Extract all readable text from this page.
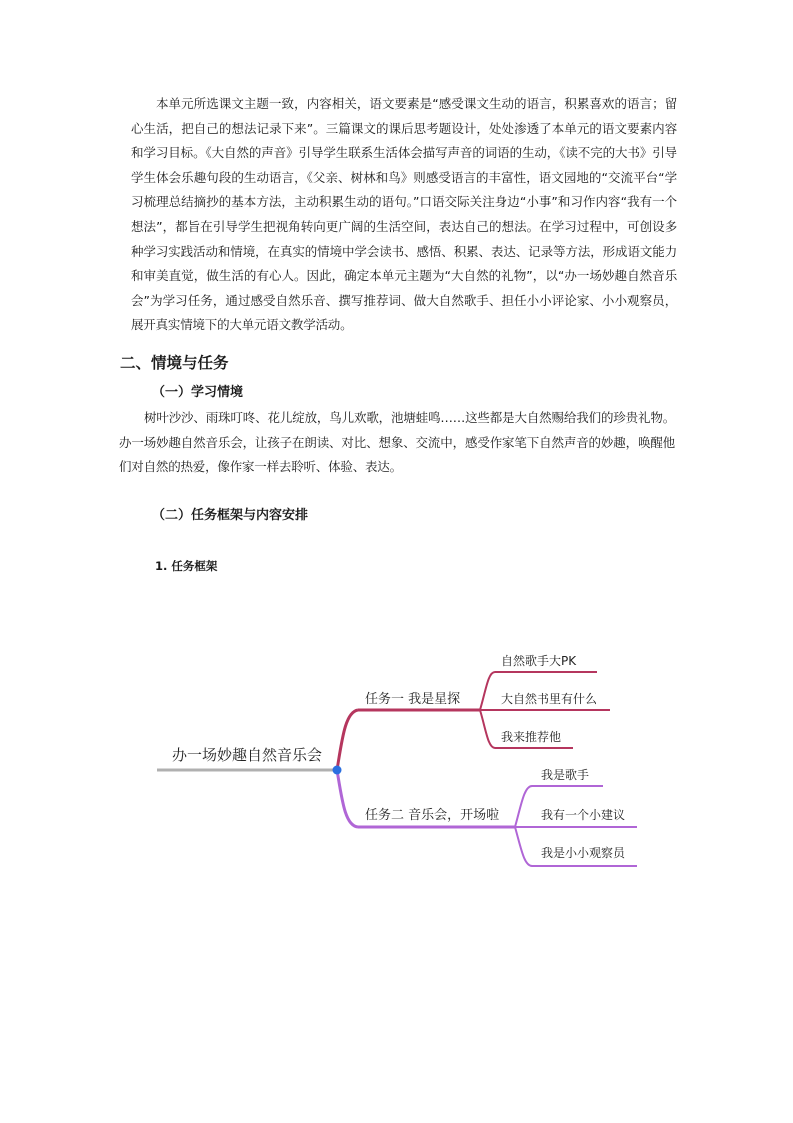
本单元所选课文主题一致，内容相关，语文要素是“感受课文生动的语言，积累喜欢的语言；留心生活，把自己的想法记录下来”。三篇课文的课后思考题设计，处处渗透了本单元的语文要素内容和学习目标。《大自然的声音》引导学生联系生活体会描写声音的词语的生动，《读不完的大书》引导学生体会乐趣句段的生动语言，《父亲、树林和鸟》则感受语言的丰富性，语文园地的“交流平台“学习梳理总结摘抄的基本方法，主动积累生动的语句。”口语交际关注身边“小事”和习作内容“我有一个想法”，都旨在引导学生把视角转向更广阔的生活空间，表达自己的想法。在学习过程中，可创设多种学习实践活动和情境，在真实的情境中学会读书、感悟、积累、表达、记录等方法，形成语文能力和审美直觉，做生活的有心人。因此，确定本单元主题为“大自然的礼物”，以“办一场妙趣自然音乐会”为学习任务，通过感受自然乐音、撰写推荐词、做大自然歌手、担任小小评论家、小小观察员，展开真实情境下的大单元语文教学活动。

二、情境与任务
（一）学习情境

树叶沙沙、雨珠叮咚、花儿绽放，鸟儿欢歌，池塘蛙鸣……这些都是大自然赐给我们的珍贵礼物。办一场妙趣自然音乐会，让孩子在朗读、对比、想象、交流中，感受作家笔下自然声音的妙趣，唤醒他们对自然的热爱，像作家一样去聆听、体验、表达。

（二）任务框架与内容安排
1. 任务框架
办一场妙趣自然音乐会
任务一 我是星探
自然歌手大PK
大自然书里有什么
我来推荐他
任务二 音乐会，开场啦
我是歌手
我有一个小建议
我是小小观察员
